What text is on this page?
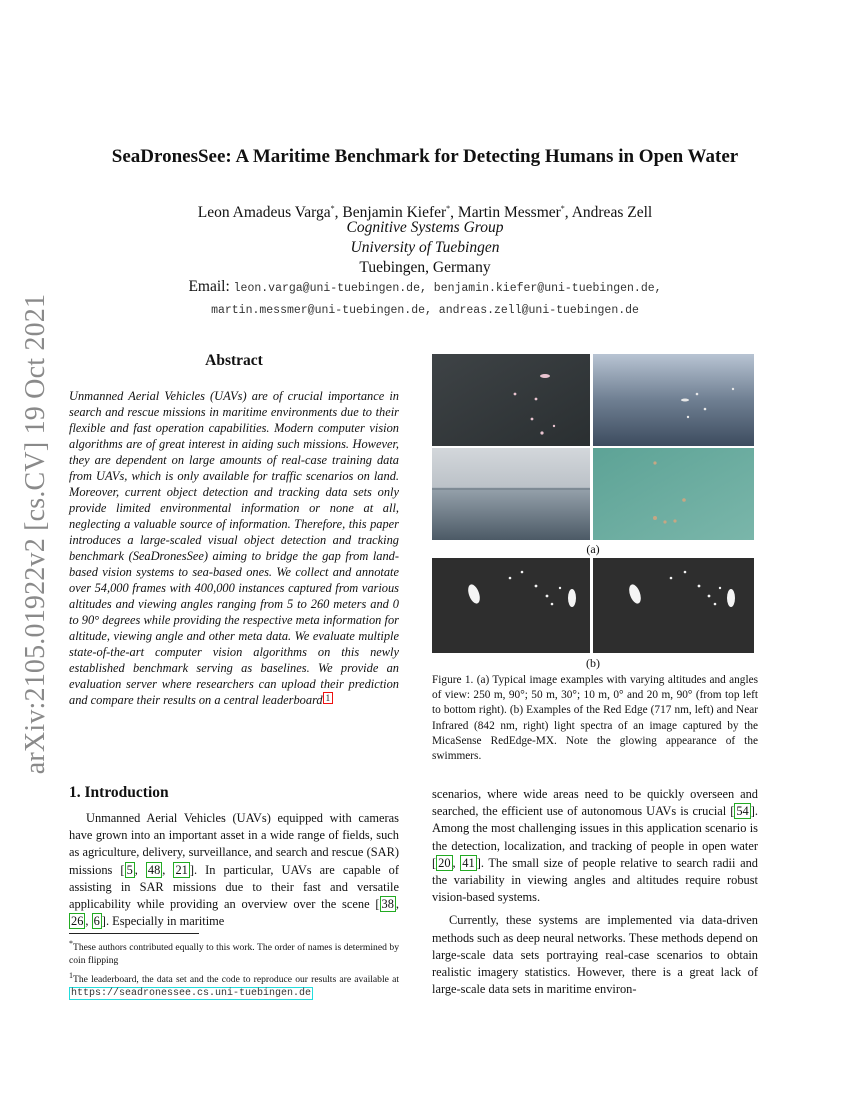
arXiv:2105.01922v2 [cs.CV] 19 Oct 2021
SeaDronesSee: A Maritime Benchmark for Detecting Humans in Open Water
Leon Amadeus Varga*, Benjamin Kiefer*, Martin Messmer*, Andreas Zell
Cognitive Systems Group
University of Tuebingen
Tuebingen, Germany
Email: leon.varga@uni-tuebingen.de, benjamin.kiefer@uni-tuebingen.de,
martin.messmer@uni-tuebingen.de, andreas.zell@uni-tuebingen.de
Abstract
Unmanned Aerial Vehicles (UAVs) are of crucial importance in search and rescue missions in maritime environments due to their flexible and fast operation capabilities. Modern computer vision algorithms are of great interest in aiding such missions. However, they are dependent on large amounts of real-case training data from UAVs, which is only available for traffic scenarios on land. Moreover, current object detection and tracking data sets only provide limited environmental information or none at all, neglecting a valuable source of information. Therefore, this paper introduces a large-scaled visual object detection and tracking benchmark (SeaDronesSee) aiming to bridge the gap from land-based vision systems to sea-based ones. We collect and annotate over 54,000 frames with 400,000 instances captured from various altitudes and viewing angles ranging from 5 to 260 meters and 0 to 90° degrees while providing the respective meta information for altitude, viewing angle and other meta data. We evaluate multiple state-of-the-art computer vision algorithms on this newly established benchmark serving as baselines. We provide an evaluation server where researchers can upload their prediction and compare their results on a central leaderboard 1
(a)
(b)
Figure 1. (a) Typical image examples with varying altitudes and angles of view: 250 m, 90°; 50 m, 30°; 10 m, 0° and 20 m, 90° (from top left to bottom right). (b) Examples of the Red Edge (717 nm, left) and Near Infrared (842 nm, right) light spectra of an image captured by the MicaSense RedEdge-MX. Note the glowing appearance of the swimmers.
1. Introduction
Unmanned Aerial Vehicles (UAVs) equipped with cameras have grown into an important asset in a wide range of fields, such as agriculture, delivery, surveillance, and search and rescue (SAR) missions [ 5 , 48 , 21 ]. In particular, UAVs are capable of assisting in SAR missions due to their fast and versatile applicability while providing an overview over the scene [ 38 , 26 , 6 ]. Especially in maritime

*These authors contributed equally to this work. The order of names is determined by coin flipping

$^1$The leaderboard, the data set and the code to reproduce our results are available at https://seadronessee.cs.uni-tuebingen.de

scenarios, where wide areas need to be quickly overseen and searched, the efficient use of autonomous UAVs is crucial [ 54 ]. Among the most challenging issues in this application scenario is the detection, localization, and tracking of people in open water [ 20 , 41 ]. The small size of people relative to search radii and the variability in viewing angles and altitudes require robust vision-based systems.

Currently, these systems are implemented via data-driven methods such as deep neural networks. These methods depend on large-scale data sets portraying real-case scenarios to obtain realistic imagery statistics. However, there is a great lack of large-scale data sets in maritime environ-
